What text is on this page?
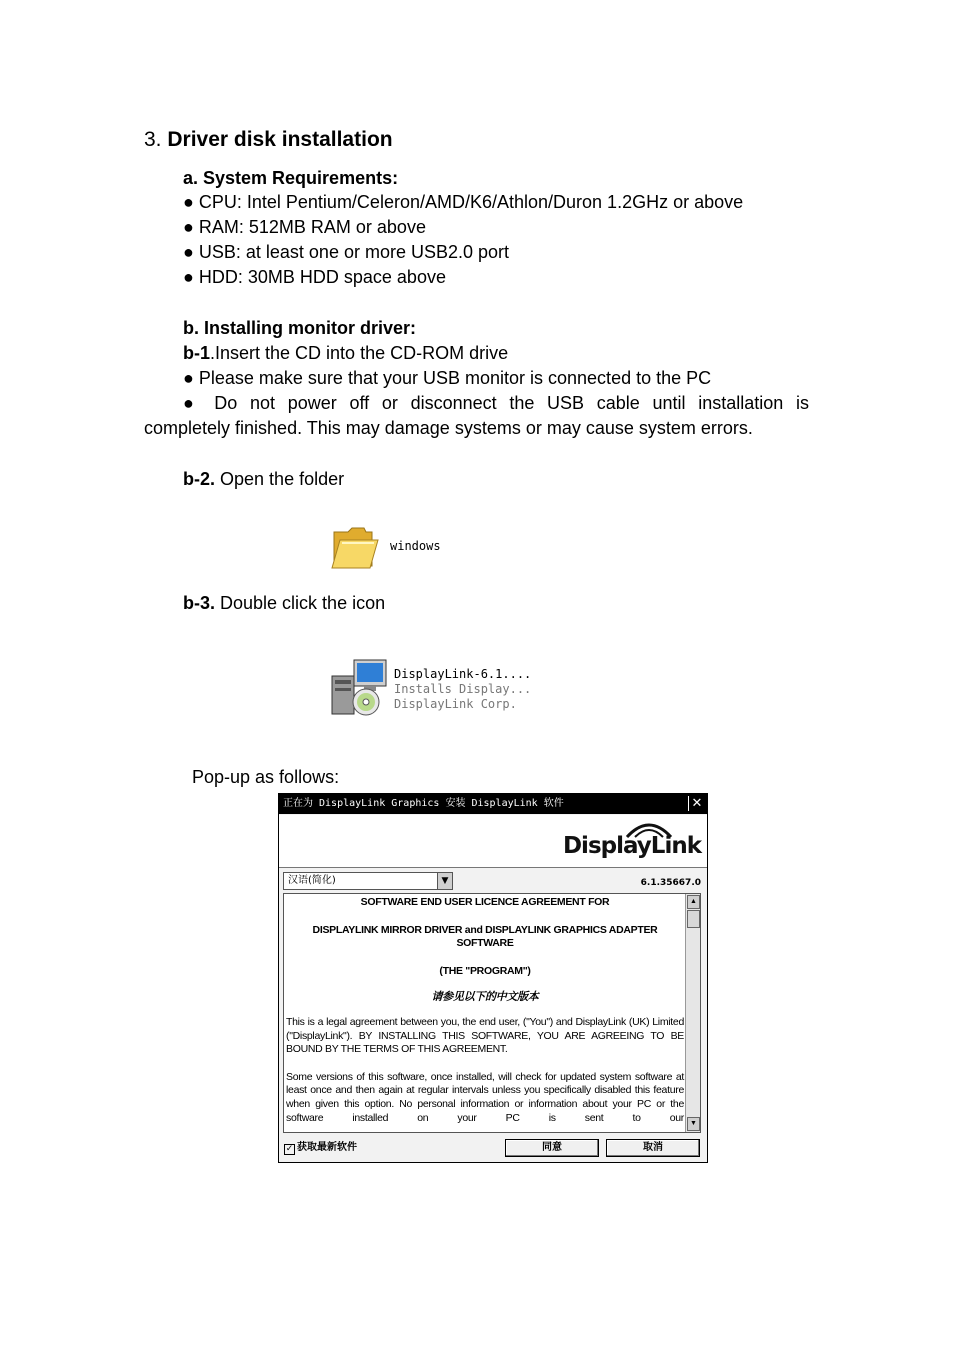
3. Driver disk installation
a. System Requirements:
● CPU: Intel Pentium/Celeron/AMD/K6/Athlon/Duron 1.2GHz or above
● RAM: 512MB RAM or above
● USB: at least one or more USB2.0 port
● HDD: 30MB HDD space above
b. Installing monitor driver:
b-1.Insert the CD into the CD-ROM drive
● Please make sure that your USB monitor is connected to the PC
● Do not power off or disconnect the USB cable until installation is
completely finished. This may damage systems or may cause system errors.
b-2. Open the folder
windows
b-3. Double click the icon
DisplayLink-6.1....
Installs Display...
DisplayLink Corp.
Pop-up as follows:
正在为 DisplayLink Graphics 安装 DisplayLink 软件	✕
DisplayLink
汉语(简化)	▼	6.1.35667.0
SOFTWARE END USER LICENCE AGREEMENT FOR
DISPLAYLINK MIRROR DRIVER and DISPLAYLINK GRAPHICS ADAPTER SOFTWARE
(THE "PROGRAM")
请参见以下的中文版本
This is a legal agreement between you, the end user, ("You") and DisplayLink (UK) Limited ("DisplayLink"). BY INSTALLING THIS SOFTWARE, YOU ARE AGREEING TO BE BOUND BY THE TERMS OF THIS AGREEMENT.
Some versions of this software, once installed, will check for updated system software at least once and then again at regular intervals unless you specifically disabled this feature when given this option. No personal information or information about your PC or the software installed on your PC is sent to our
▲
▼
✓ 获取最新软件	同意	取消
